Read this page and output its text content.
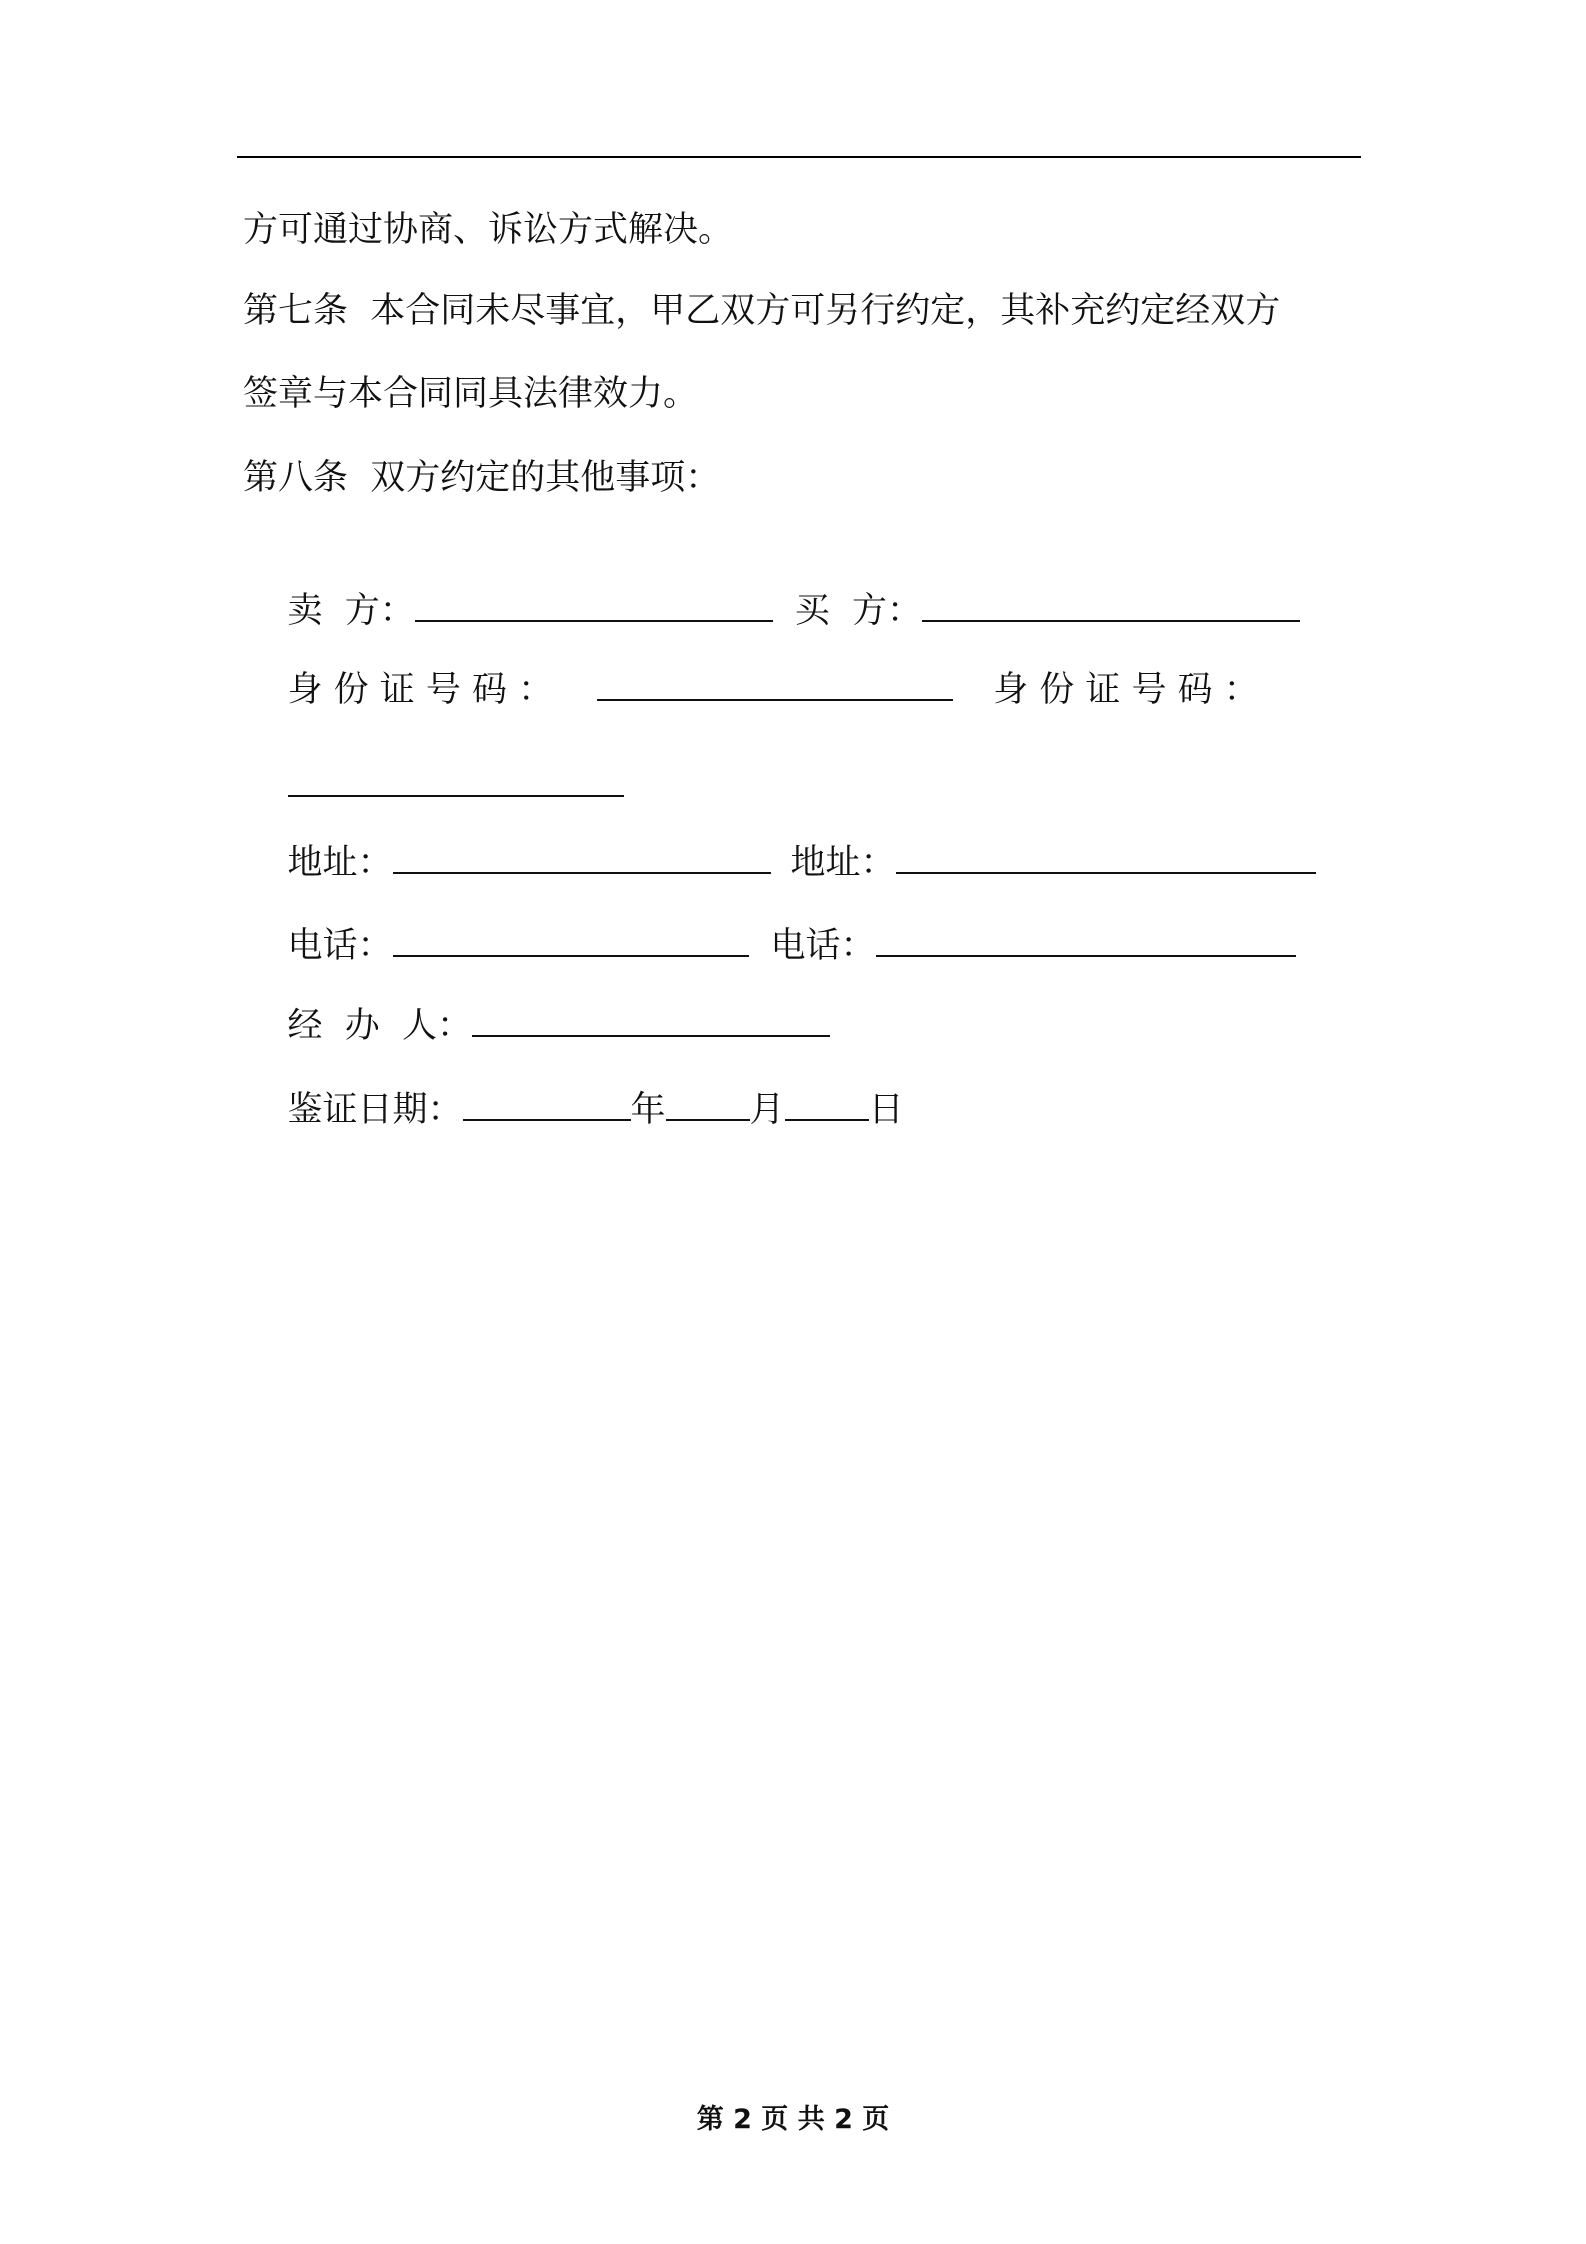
方可通过协商、诉讼方式解决。
第七条  本合同未尽事宜，甲乙双方可另行约定，其补充约定经双方
签章与本合同同具法律效力。
第八条  双方约定的其他事项：

卖  方：	买  方：

身 份 证 号 码 ：	身 份 证 号 码 ：

地址：	地址：

电话：	电话：

经  办  人：

鉴证日期：	年 月 日

第 2 页 共 2 页
